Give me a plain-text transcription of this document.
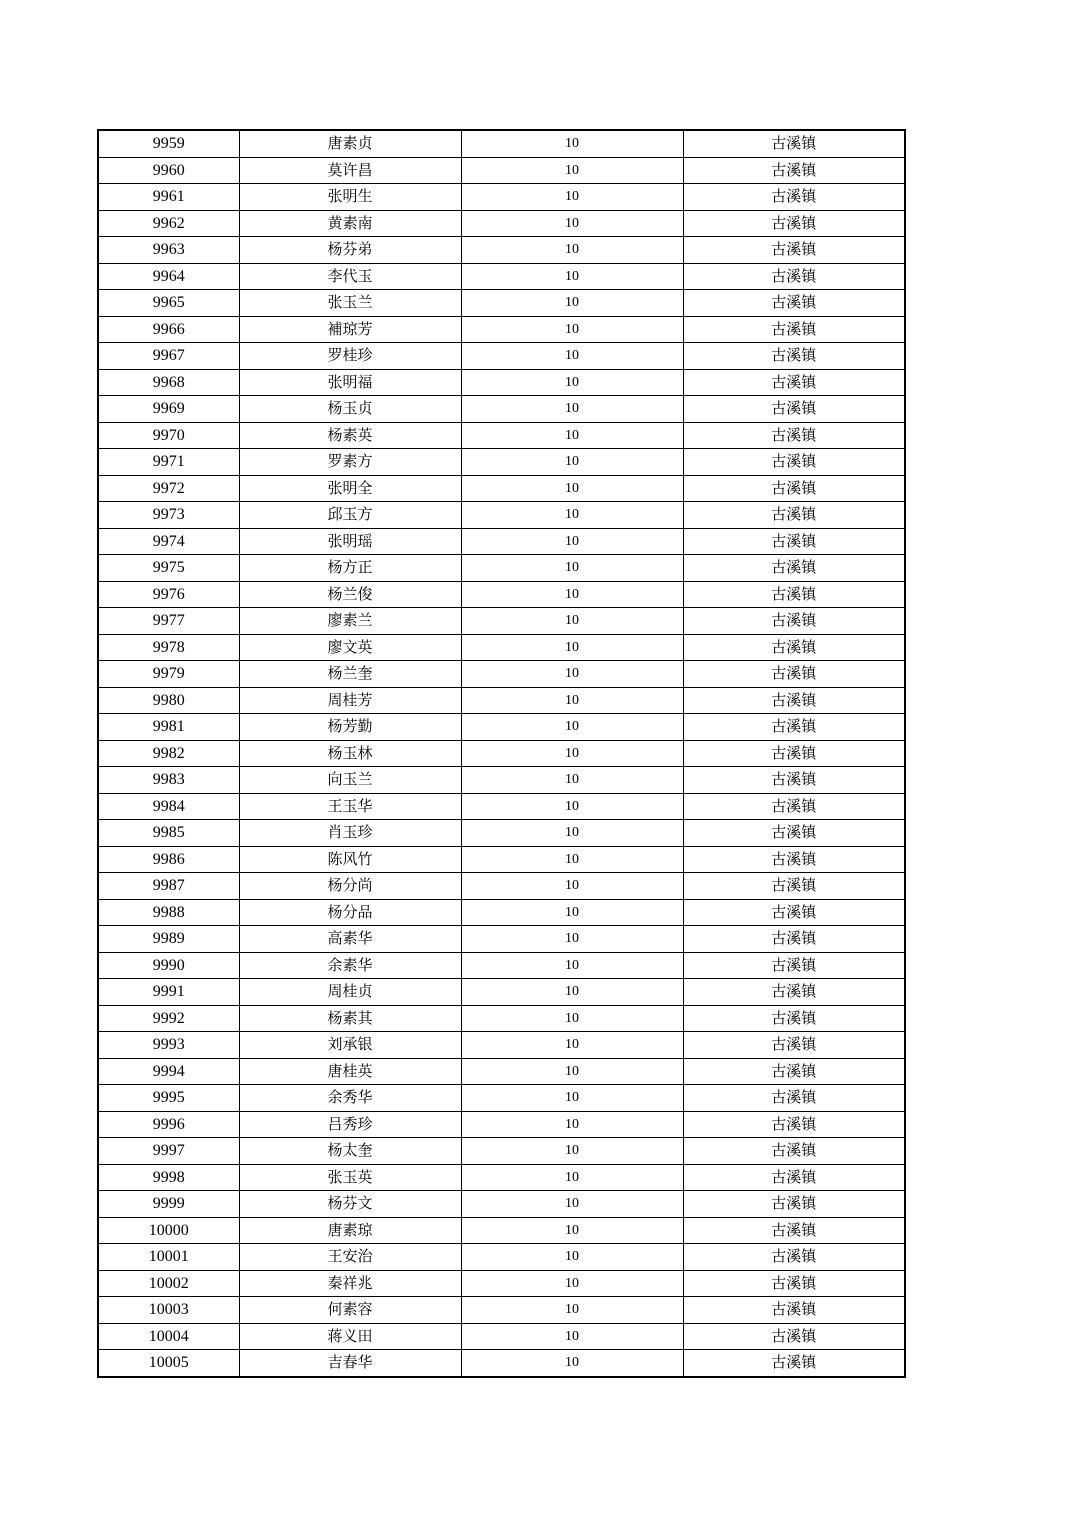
9959	唐素贞	10	古溪镇
9960	莫许昌	10	古溪镇
9961	张明生	10	古溪镇
9962	黄素南	10	古溪镇
9963	杨芬弟	10	古溪镇
9964	李代玉	10	古溪镇
9965	张玉兰	10	古溪镇
9966	補琼芳	10	古溪镇
9967	罗桂珍	10	古溪镇
9968	张明福	10	古溪镇
9969	杨玉贞	10	古溪镇
9970	杨素英	10	古溪镇
9971	罗素方	10	古溪镇
9972	张明全	10	古溪镇
9973	邱玉方	10	古溪镇
9974	张明瑶	10	古溪镇
9975	杨方正	10	古溪镇
9976	杨兰俊	10	古溪镇
9977	廖素兰	10	古溪镇
9978	廖文英	10	古溪镇
9979	杨兰奎	10	古溪镇
9980	周桂芳	10	古溪镇
9981	杨芳勤	10	古溪镇
9982	杨玉林	10	古溪镇
9983	向玉兰	10	古溪镇
9984	王玉华	10	古溪镇
9985	肖玉珍	10	古溪镇
9986	陈风竹	10	古溪镇
9987	杨分尚	10	古溪镇
9988	杨分品	10	古溪镇
9989	高素华	10	古溪镇
9990	余素华	10	古溪镇
9991	周桂贞	10	古溪镇
9992	杨素其	10	古溪镇
9993	刘承银	10	古溪镇
9994	唐桂英	10	古溪镇
9995	余秀华	10	古溪镇
9996	吕秀珍	10	古溪镇
9997	杨太奎	10	古溪镇
9998	张玉英	10	古溪镇
9999	杨芬文	10	古溪镇
10000	唐素琼	10	古溪镇
10001	王安治	10	古溪镇
10002	秦祥兆	10	古溪镇
10003	何素容	10	古溪镇
10004	蒋义田	10	古溪镇
10005	吉春华	10	古溪镇
